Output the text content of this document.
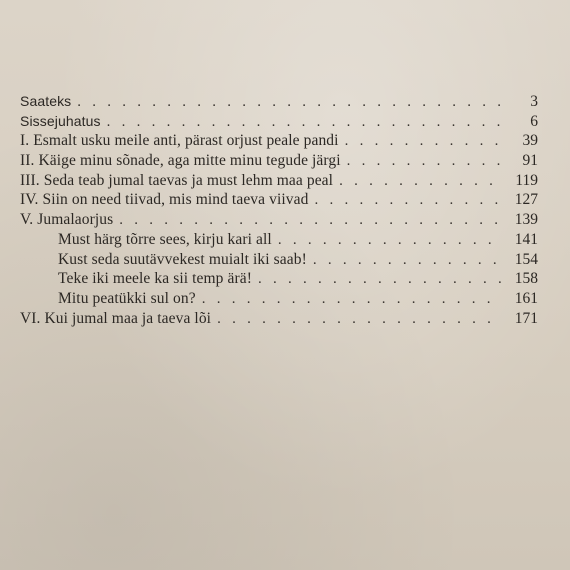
Saateks . .	3
Sissejuhatus . .	6
I. Esmalt usku meile anti, pärast orjust peale pandi . .	39
II. Käige minu sõnade, aga mitte minu tegude järgi . .	91
III. Seda teab jumal taevas ja must lehm maa peal . .	119
IV. Siin on need tiivad, mis mind taeva viivad . .	127
V. Jumalaorjus . .	139
Must härg tõrre sees, kirju kari all . .	141
Kust seda suutävvekest muialt iki saab! . .	154
Teke iki meele ka sii temp ärä! . .	158
Mitu peatükki sul on? . .	161
VI. Kui jumal maa ja taeva lõi . .	171
